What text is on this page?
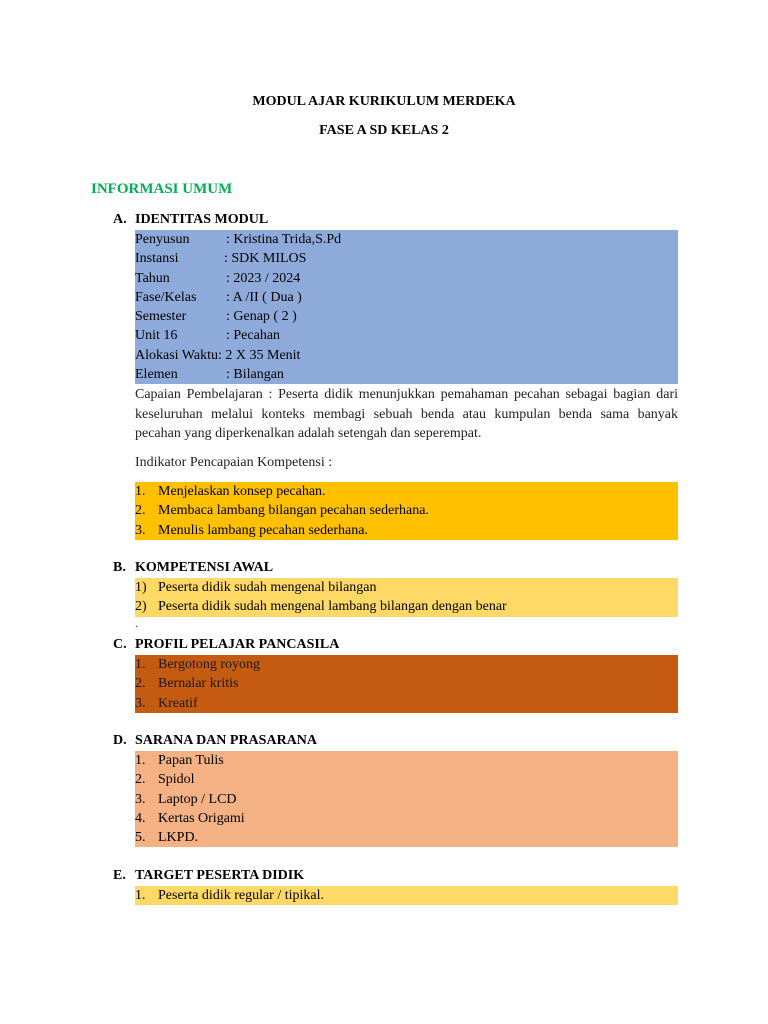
MODUL AJAR KURIKULUM MERDEKA
FASE A SD KELAS 2
INFORMASI UMUM
A. IDENTITAS MODUL
Penyusun	: Kristina Trida,S.Pd
Instansi	: SDK MILOS
Tahun	: 2023 / 2024
Fase/Kelas : A /II ( Dua )
Semester	: Genap ( 2 )
Unit 16	: Pecahan
Alokasi Waktu: 2 X 35 Menit
Elemen	: Bilangan
Capaian Pembelajaran : Peserta didik menunjukkan pemahaman pecahan sebagai bagian dari keseluruhan melalui konteks membagi sebuah benda atau kumpulan benda sama banyak pecahan yang diperkenalkan adalah setengah dan seperempat.
Indikator Pencapaian Kompetensi :
1. Menjelaskan konsep pecahan.
2. Membaca lambang bilangan pecahan sederhana.
3. Menulis lambang pecahan sederhana.
B. KOMPETENSI AWAL
1) Peserta didik sudah mengenal bilangan
2) Peserta didik sudah mengenal lambang bilangan dengan benar
.
C. PROFIL PELAJAR PANCASILA
1. Bergotong royong
2. Bernalar kritis
3. Kreatif
D. SARANA DAN PRASARANA
1. Papan Tulis
2. Spidol
3. Laptop / LCD
4. Kertas Origami
5. LKPD.
E. TARGET PESERTA DIDIK
1. Peserta didik regular / tipikal.
